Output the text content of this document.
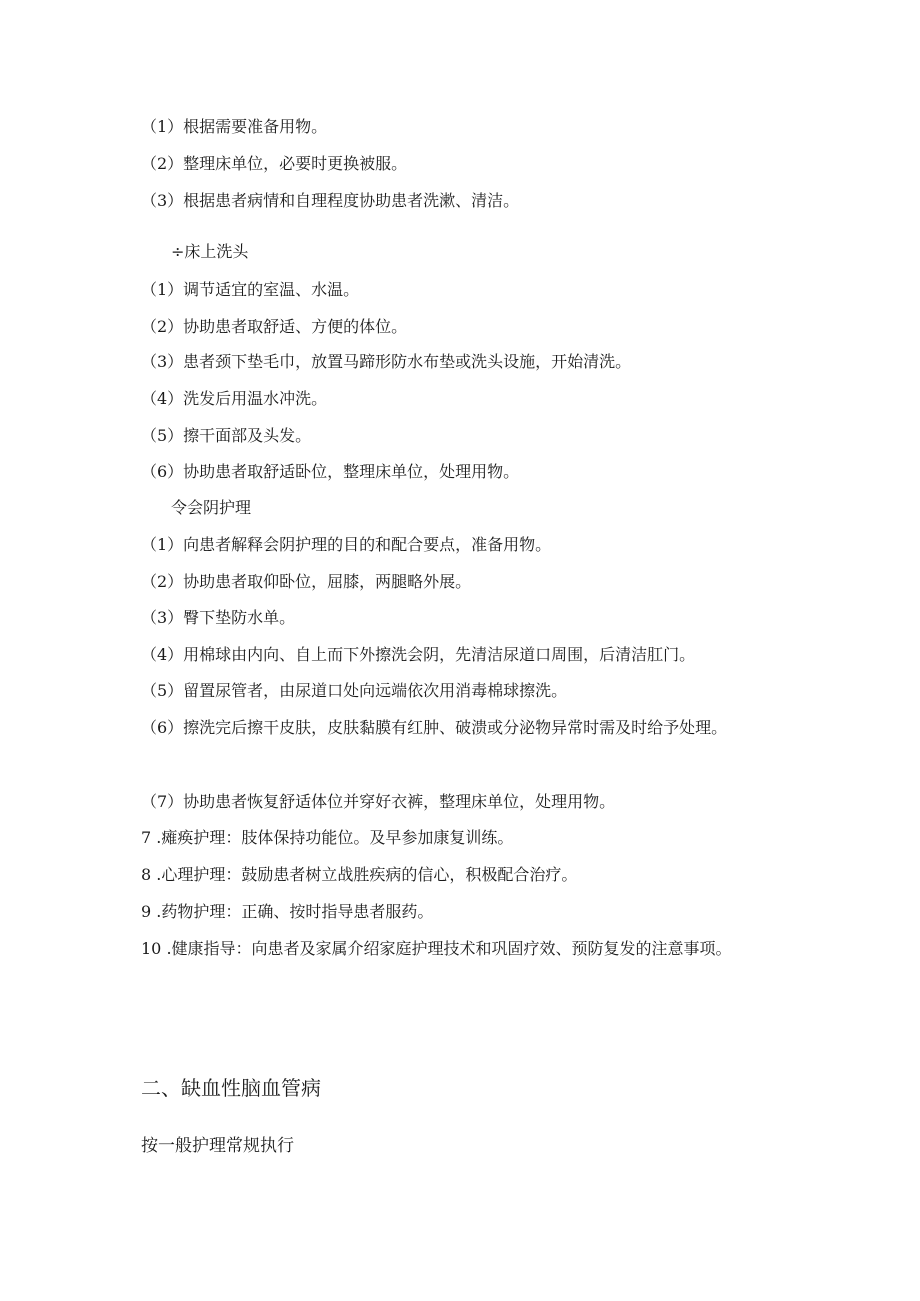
（1）根据需要准备用物。
（2）整理床单位，必要时更换被服。
（3）根据患者病情和自理程度协助患者洗漱、清洁。
÷床上洗头
（1）调节适宜的室温、水温。
（2）协助患者取舒适、方便的体位。
（3）患者颈下垫毛巾，放置马蹄形防水布垫或洗头设施，开始清洗。
（4）洗发后用温水冲洗。
（5）擦干面部及头发。
（6）协助患者取舒适卧位，整理床单位，处理用物。
令会阴护理
（1）向患者解释会阴护理的目的和配合要点，准备用物。
（2）协助患者取仰卧位，屈膝，两腿略外展。
（3）臀下垫防水单。
（4）用棉球由内向、自上而下外擦洗会阴，先清洁尿道口周围，后清洁肛门。
（5）留置尿管者，由尿道口处向远端依次用消毒棉球擦洗。
（6）擦洗完后擦干皮肤，皮肤黏膜有红肿、破溃或分泌物异常时需及时给予处理。
（7）协助患者恢复舒适体位并穿好衣裤，整理床单位，处理用物。
7 .瘫痪护理：肢体保持功能位。及早参加康复训练。
8 .心理护理：鼓励患者树立战胜疾病的信心，积极配合治疗。
9 .药物护理：正确、按时指导患者服药。
10 .健康指导：向患者及家属介绍家庭护理技术和巩固疗效、预防复发的注意事项。
二、缺血性脑血管病
按一般护理常规执行
